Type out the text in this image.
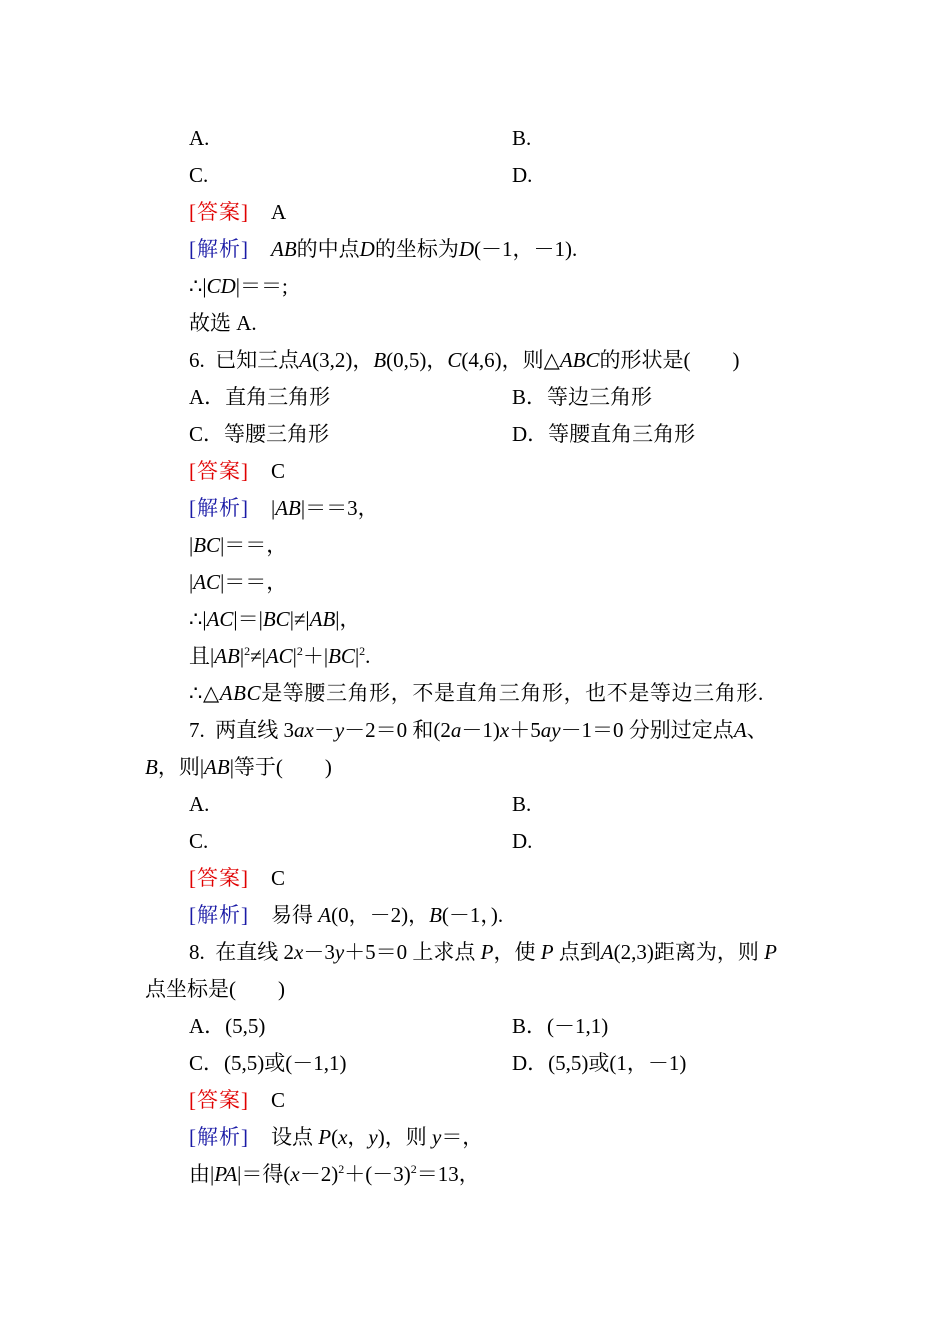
A.	B.
C.	D.
[答案] A
[解析] AB的中点D的坐标为D(－1，－1).
∴|CD|＝＝;
故选 A.
6. 已知三点A(3,2)，B(0,5)，C(4,6)，则△ABC的形状是(　　)
A．直角三角形	B．等边三角形
C．等腰三角形	D．等腰直角三角形
[答案] C
[解析] |AB|＝＝3，
|BC|＝＝，
|AC|＝＝，
∴|AC|＝|BC|≠|AB|，
且$|AB|^2\ne|AC|^2+|BC|^2$.
∴△ABC是等腰三角形，不是直角三角形，也不是等边三角形.
7. 两直线 3ax－y－2＝0 和(2a－1)x＋5ay－1＝0 分别过定点A、
B，则|AB|等于(　　)
A.	B.
C.	D.
[答案] C
[解析] 易得 A(0，－2)，B(－1，).
8. 在直线 2x－3y＋5＝0 上求点 P，使 P 点到A(2,3)距离为，则 P
点坐标是(　　)
A．(5,5)	B．(－1,1)
C．(5,5)或(－1,1)	D．(5,5)或(1，－1)
[答案] C
[解析] 设点 P(x，y)，则 y＝，
由|PA|＝得$(x-2)^2+(-3)^2=13$，
